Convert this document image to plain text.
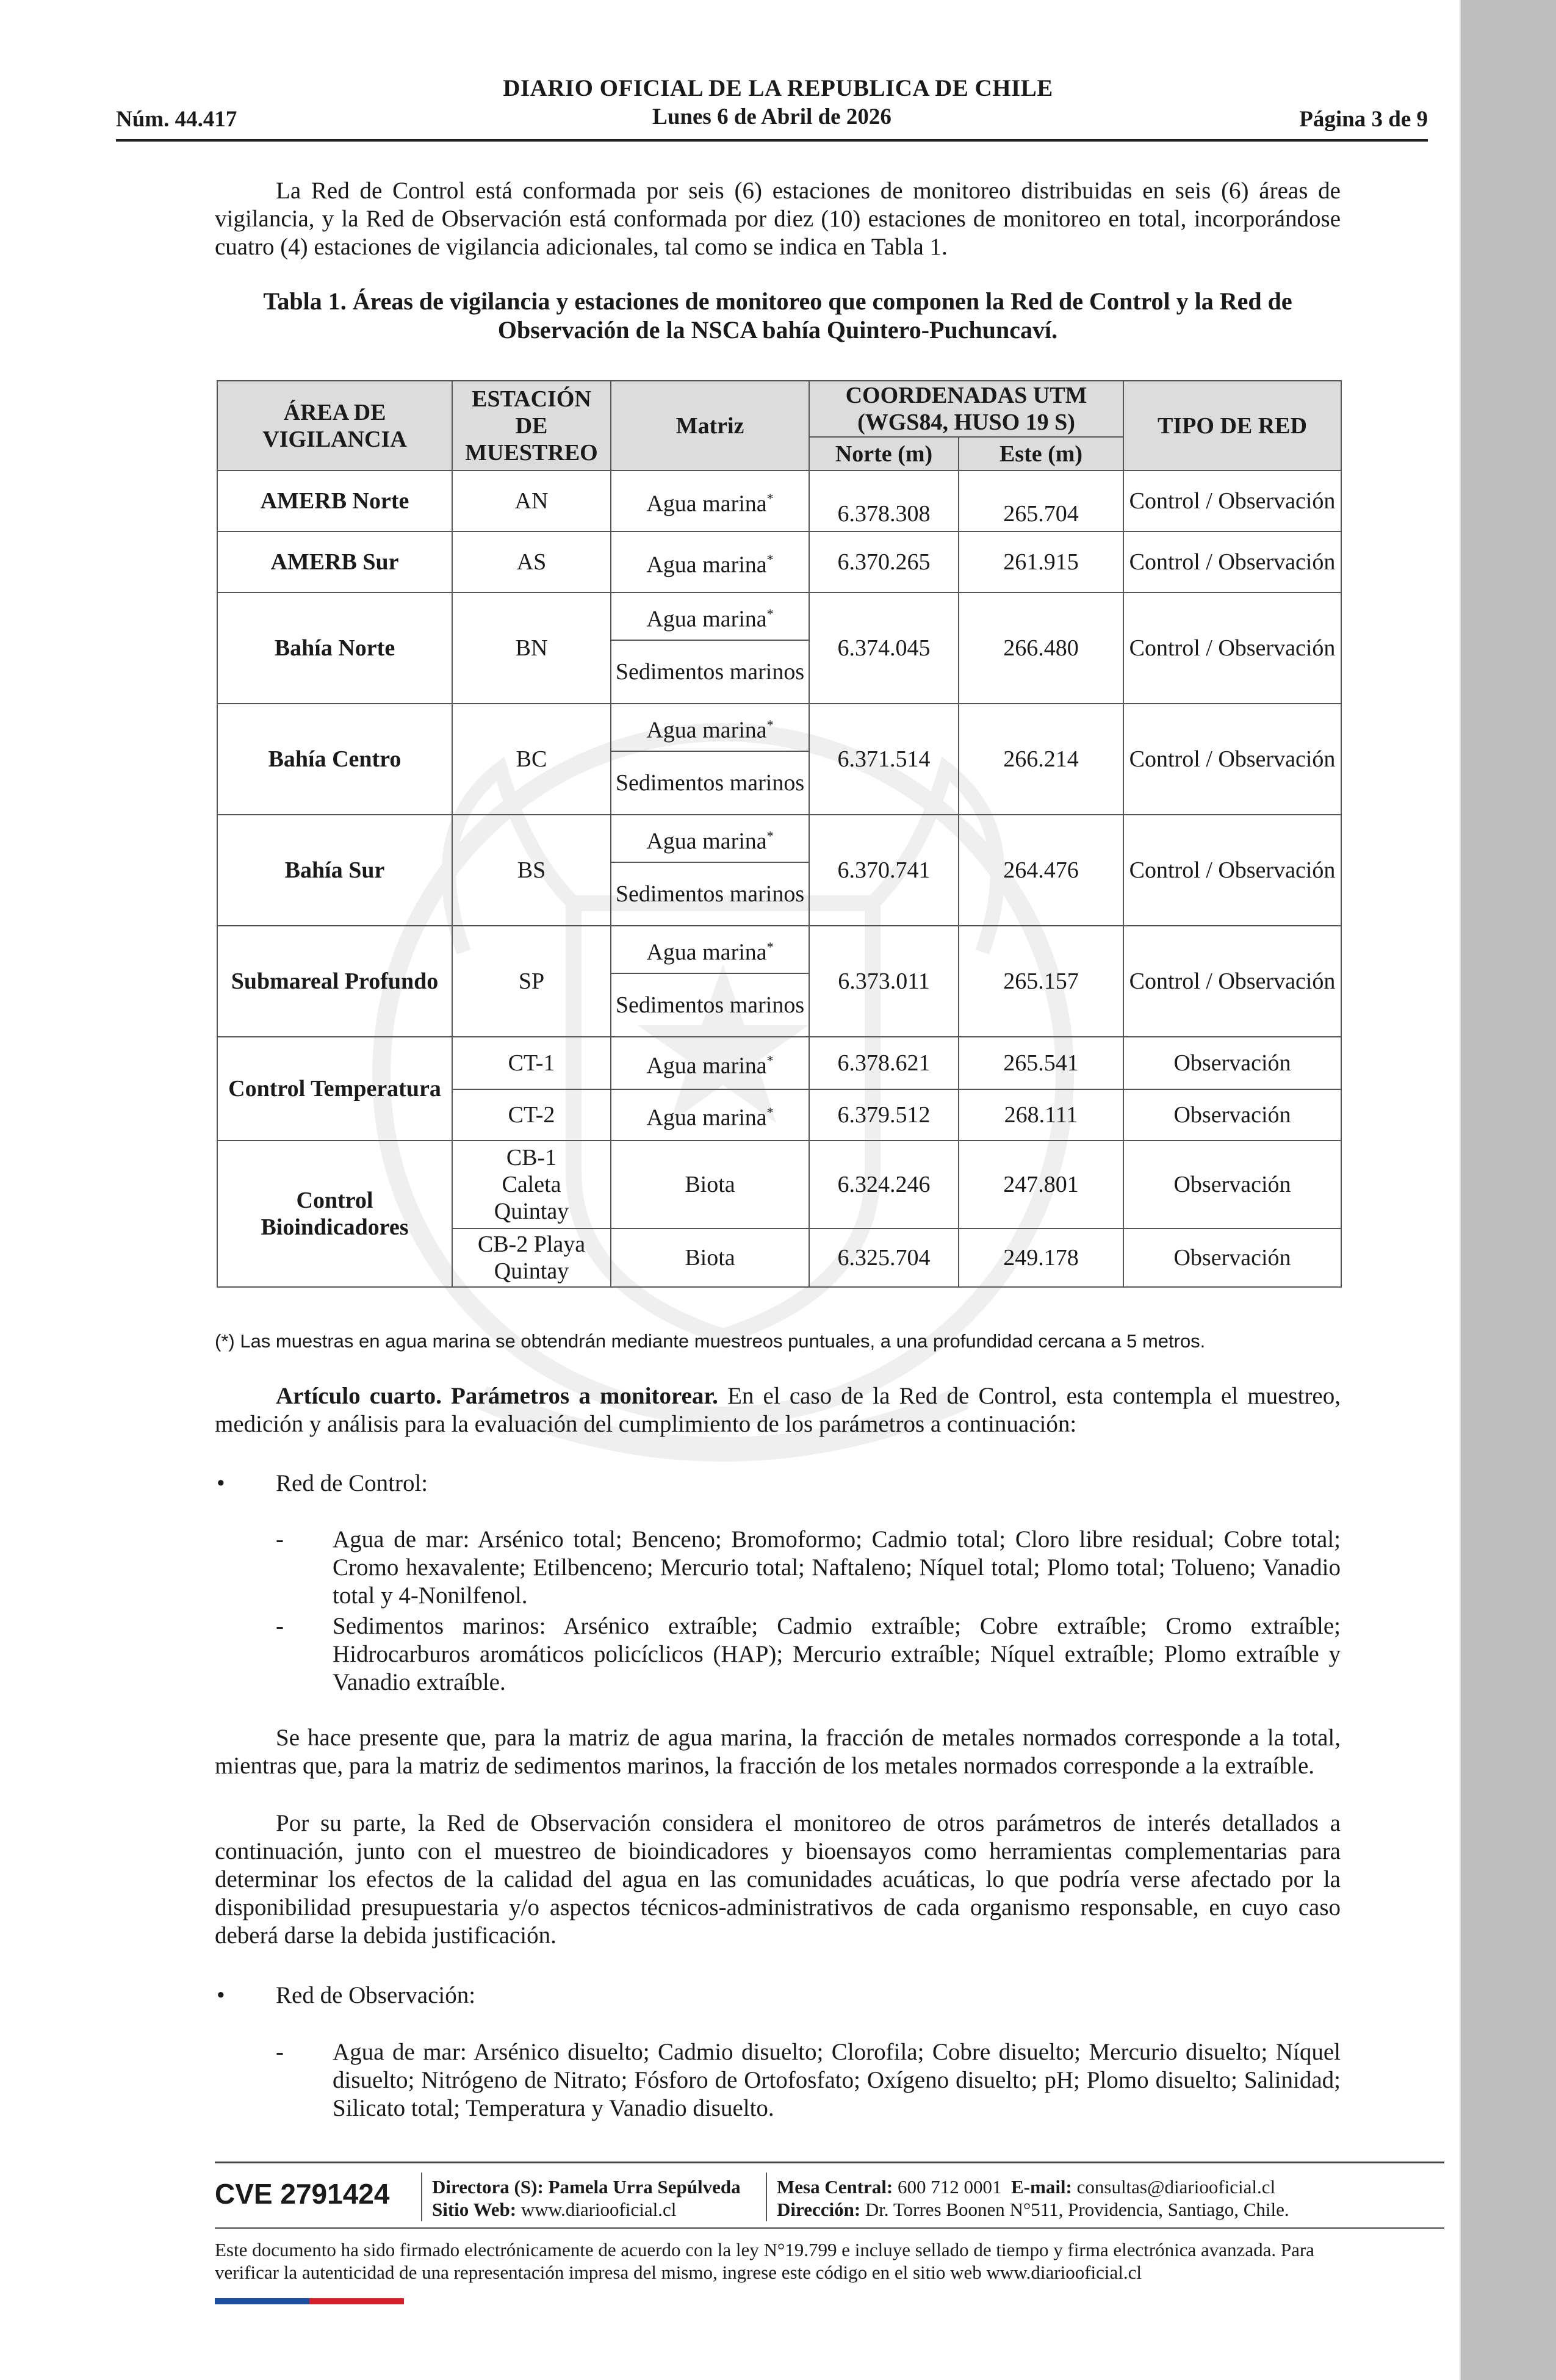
DIARIO OFICIAL DE LA REPUBLICA DE CHILE
Núm. 44.417	Lunes 6 de Abril de 2026	Página 3 de 9
La Red de Control está conformada por seis (6) estaciones de monitoreo distribuidas en seis (6) áreas de vigilancia, y la Red de Observación está conformada por diez (10) estaciones de monitoreo en total, incorporándose cuatro (4) estaciones de vigilancia adicionales, tal como se indica en Tabla 1.
Tabla 1. Áreas de vigilancia y estaciones de monitoreo que componen la Red de Control y la Red de Observación de la NSCA bahía Quintero-Puchuncaví.
ÁREA DE VIGILANCIA	ESTACIÓN DE MUESTREO	Matriz	COORDENADAS UTM (WGS84, HUSO 19 S)		TIPO DE RED
			Norte (m)	Este (m)	
AMERB Norte	AN	Agua marina*	6.378.308	265.704	Control / Observación
AMERB Sur	AS	Agua marina*	6.370.265	261.915	Control / Observación
Bahía Norte	BN	Agua marina*	6.374.045	266.480	Control / Observación
		Sedimentos marinos			
Bahía Centro	BC	Agua marina*	6.371.514	266.214	Control / Observación
		Sedimentos marinos			
Bahía Sur	BS	Agua marina*	6.370.741	264.476	Control / Observación
		Sedimentos marinos			
Submareal Profundo	SP	Agua marina*	6.373.011	265.157	Control / Observación
		Sedimentos marinos			
Control Temperatura	CT-1	Agua marina*	6.378.621	265.541	Observación
	CT-2	Agua marina*	6.379.512	268.111	Observación
Control Bioindicadores	CB-1 Caleta Quintay	Biota	6.324.246	247.801	Observación
	CB-2 Playa Quintay	Biota	6.325.704	249.178	Observación
(*) Las muestras en agua marina se obtendrán mediante muestreos puntuales, a una profundidad cercana a 5 metros.
Artículo cuarto. Parámetros a monitorear. En el caso de la Red de Control, esta contempla el muestreo, medición y análisis para la evaluación del cumplimiento de los parámetros a continuación:
• Red de Control:
- Agua de mar: Arsénico total; Benceno; Bromoformo; Cadmio total; Cloro libre residual; Cobre total; Cromo hexavalente; Etilbenceno; Mercurio total; Naftaleno; Níquel total; Plomo total; Tolueno; Vanadio total y 4-Nonilfenol.
- Sedimentos marinos: Arsénico extraíble; Cadmio extraíble; Cobre extraíble; Cromo extraíble; Hidrocarburos aromáticos policíclicos (HAP); Mercurio extraíble; Níquel extraíble; Plomo extraíble y Vanadio extraíble.
Se hace presente que, para la matriz de agua marina, la fracción de metales normados corresponde a la total, mientras que, para la matriz de sedimentos marinos, la fracción de los metales normados corresponde a la extraíble.
Por su parte, la Red de Observación considera el monitoreo de otros parámetros de interés detallados a continuación, junto con el muestreo de bioindicadores y bioensayos como herramientas complementarias para determinar los efectos de la calidad del agua en las comunidades acuáticas, lo que podría verse afectado por la disponibilidad presupuestaria y/o aspectos técnicos-administrativos de cada organismo responsable, en cuyo caso deberá darse la debida justificación.
• Red de Observación:
- Agua de mar: Arsénico disuelto; Cadmio disuelto; Clorofila; Cobre disuelto; Mercurio disuelto; Níquel disuelto; Nitrógeno de Nitrato; Fósforo de Ortofosfato; Oxígeno disuelto; pH; Plomo disuelto; Salinidad; Silicato total; Temperatura y Vanadio disuelto.
CVE 2791424 Directora (S): Pamela Urra Sepúlveda
Sitio Web: www.diariooficial.cl
Mesa Central: 600 712 0001 E-mail: consultas@diariooficial.cl
Dirección: Dr. Torres Boonen N°511, Providencia, Santiago, Chile.
Este documento ha sido firmado electrónicamente de acuerdo con la ley N°19.799 e incluye sellado de tiempo y firma electrónica avanzada. Para verificar la autenticidad de una representación impresa del mismo, ingrese este código en el sitio web www.diariooficial.cl
